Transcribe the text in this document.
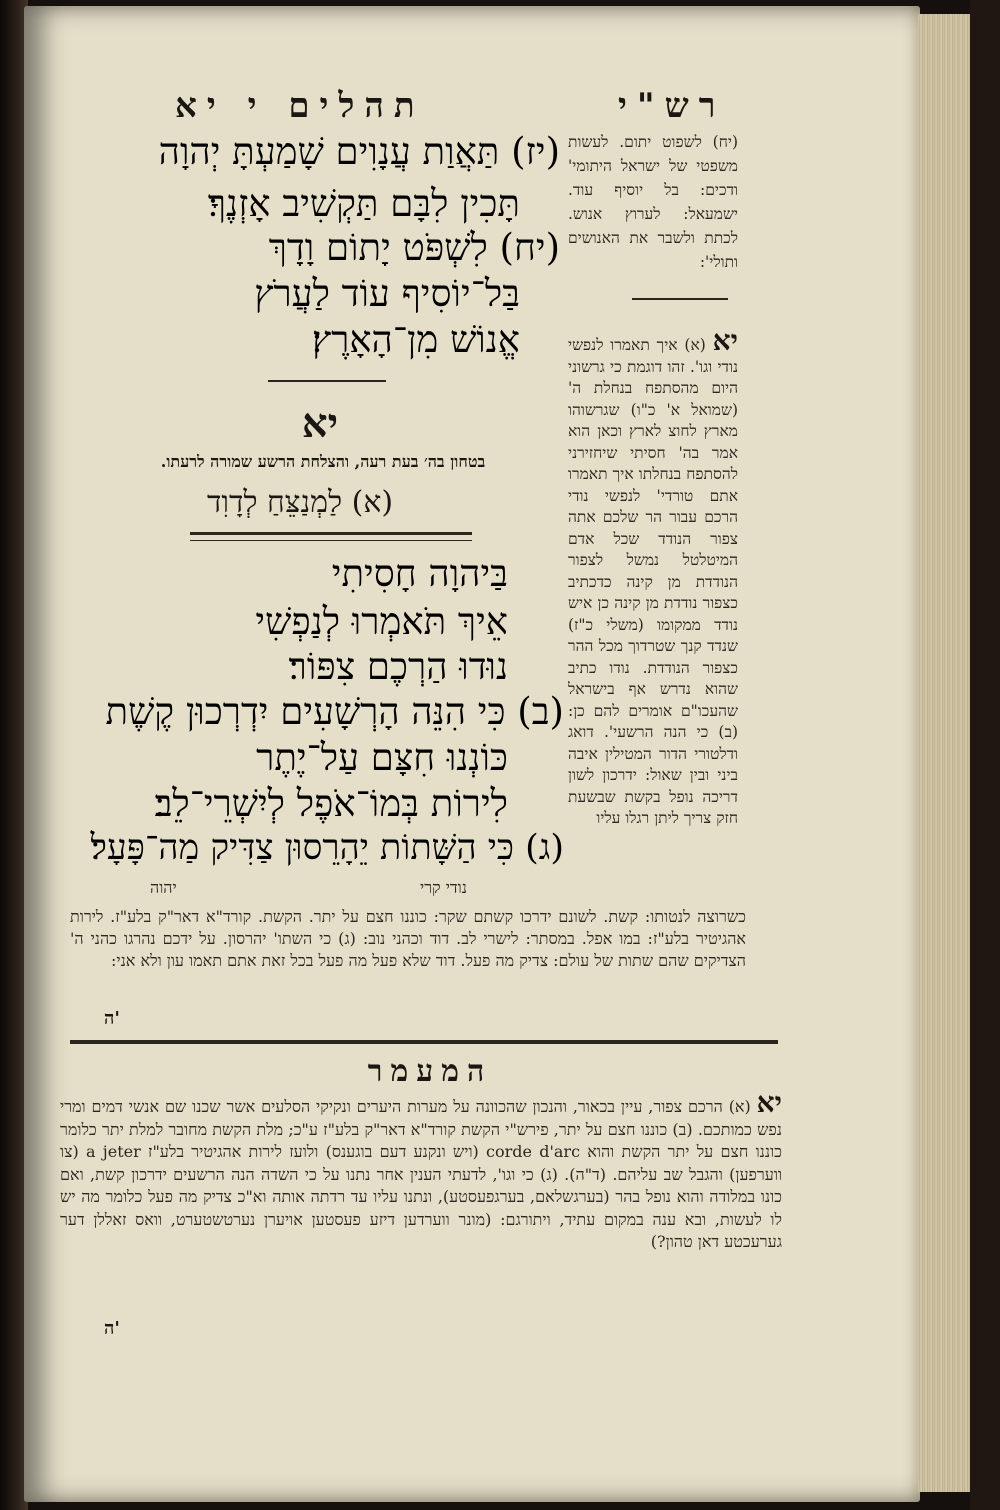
תהלים י יא	רש"י
(יז) תַּאֲוַת עֲנָוִים שָׁמַעְתָּ יְהוָה
תָּכִין לִבָּם תַּקְשִׁיב אָזְנֶךָ׃
(יח) לִשְׁפֹּט יָתוֹם וָדָךְ
בַּל־יוֹסִיף עוֹד לַעֲרֹץ
אֱנוֹשׁ מִן־הָאָרֶץ׃
(יח) לשפוט יתום. לעשות משפטי של ישראל היתומי' ודכים: בל יוסיף עוד. ישמעאל: לערוץ אנוש. לכתת ולשבר את האנושים ותולי':
יא
בטחון בה׳ בעת רעה, והצלחת הרשע שמורה לרעתו.
(א) לַמְנַצֵּחַ לְדָוִד
בַּיהוָה חָסִיתִי
אֵיךְ תֹּאמְרוּ לְנַפְשִׁי
נוּדוּ הַרְכֶם צִפּוֹר׃
(ב) כִּי הִנֵּה הָרְשָׁעִים יִדְרְכוּן קֶשֶׁת
כּוֹנְנוּ חִצָּם עַל־יֶתֶר
לִירוֹת בְּמוֹ־אֹפֶל לְיִשְׁרֵי־לֵב׃
(ג) כִּי הַשָּׁתוֹת יֵהָרֵסוּן צַדִּיק מַה־פָּעָל׃
יא (א) איך תאמרו לנפשי נודי וגו'. זהו דוגמת כי גרשוני היום מהסתפח בנחלת ה' (שמואל א' כ"ו) שגרשוהו מארץ לחוצ לארץ וכאן הוא אמר בה' חסיתי שיחזירני להסתפח בנחלתו איך תאמרו אתם טורדי' לנפשי נודי הרכם עבור הר שלכם אתה צפור הנודד שכל אדם המיטלטל נמשל לצפור הנודדת מן קינה כדכתיב כצפור נודדת מן קינה כן איש נודד ממקומו (משלי כ"ז) שנדד קנך שטרדוך מכל ההר כצפור הנודדת. נודו כתיב שהוא נדרש אף בישראל שהעכו"ם אומרים להם כן: (ב) כי הנה הרשעי'. דואג ודלטורי הדור המטילין איבה ביני ובין שאול: ידרכון לשון דריכה נופל בקשת שבשעת חזק צריך ליתן רגלו עליו
יהוה	נודי קרי
כשרוצה לנטותו: קשת. לשונם ידרכו קשתם שקר: כוננו חצם על יתר. הקשת. קורד"א דאר"ק בלע"ז. לירות אהגיטיר בלע"ז: במו אפל. במסתר: לישרי לב. דוד וכהני נוב: (ג) כי השתו' יהרסון. על ידכם נהרגו כהני ה' הצדיקים שהם שתות של עולם: צדיק מה פעל. דוד שלא פעל מה פעל בכל זאת אתם תאמו עון ולא אני:
ה'
המעמר
יא (א) הרכם צפור, עיין בכאור, והנכון שהכוונה על מערות היערים ונקיקי הסלעים אשר שכנו שם אנשי דמים ומרי נפש כמותכם. (ב) כוננו חצם על יתר, פירש"י הקשת קורד"א דאר"ק בלע"ז ע"כ; מלת הקשת מחובר למלת יתר כלומר כוננו חצם על יתר הקשת והוא corde d'arc (ויש ונקנע דעם בוגענס) ולועז לירות אהגיטיר בלע"ז a jeter (צו ווערפען) והגבל שב עליהם. (ד"ה). (ג) כי וגו', לדעתי הענין אחר נתנו על כי השדה הנה הרשעים ידרכון קשת, ואם כונו במלודה והוא נופל בהר (בערגשלאם, בערגפעסטע), ונתנו עליו עד רדתה אותה וא"כ צדיק מה פעל כלומר מה יש לו לעשות, ובא ענה במקום עתיד, ויתורגם: (מונר ווערדען דיזע פעסטען אויערן נערטשטערט, וואס זאללן דער גערעכטע דאן טהון?)
ה'
